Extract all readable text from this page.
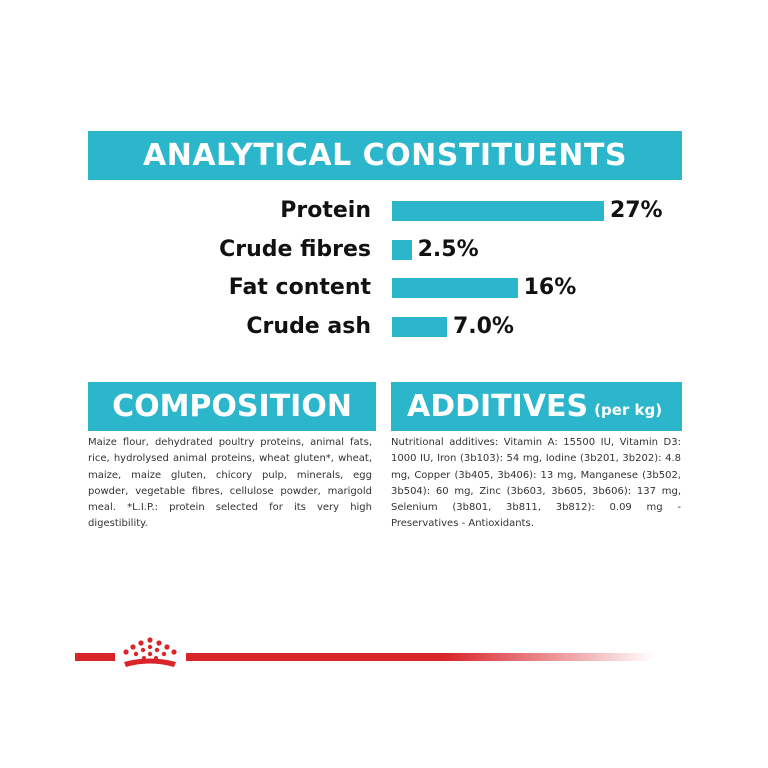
ANALYTICAL CONSTITUENTS
Protein	27%
Crude fibres 2.5%
Fat content	16%
Crude ash	7.0%
COMPOSITION

Maize flour, dehydrated poultry proteins, animal fats, rice, hydrolysed animal proteins, wheat gluten*, wheat, maize, maize gluten, chicory pulp, minerals, egg powder, vegetable fibres, cellulose powder, marigold meal. *L.I.P.: protein selected for its very high digestibility.

ADDITIVES (per kg)

Nutritional additives: Vitamin A: 15500 IU, Vitamin D3: 1000 IU, Iron (3b103): 54 mg, Iodine (3b201, 3b202): 4.8 mg, Copper (3b405, 3b406): 13 mg, Manganese (3b502, 3b504): 60 mg, Zinc (3b603, 3b605, 3b606): 137 mg, Selenium (3b801, 3b811, 3b812): 0.09 mg - Preservatives - Antioxidants.
